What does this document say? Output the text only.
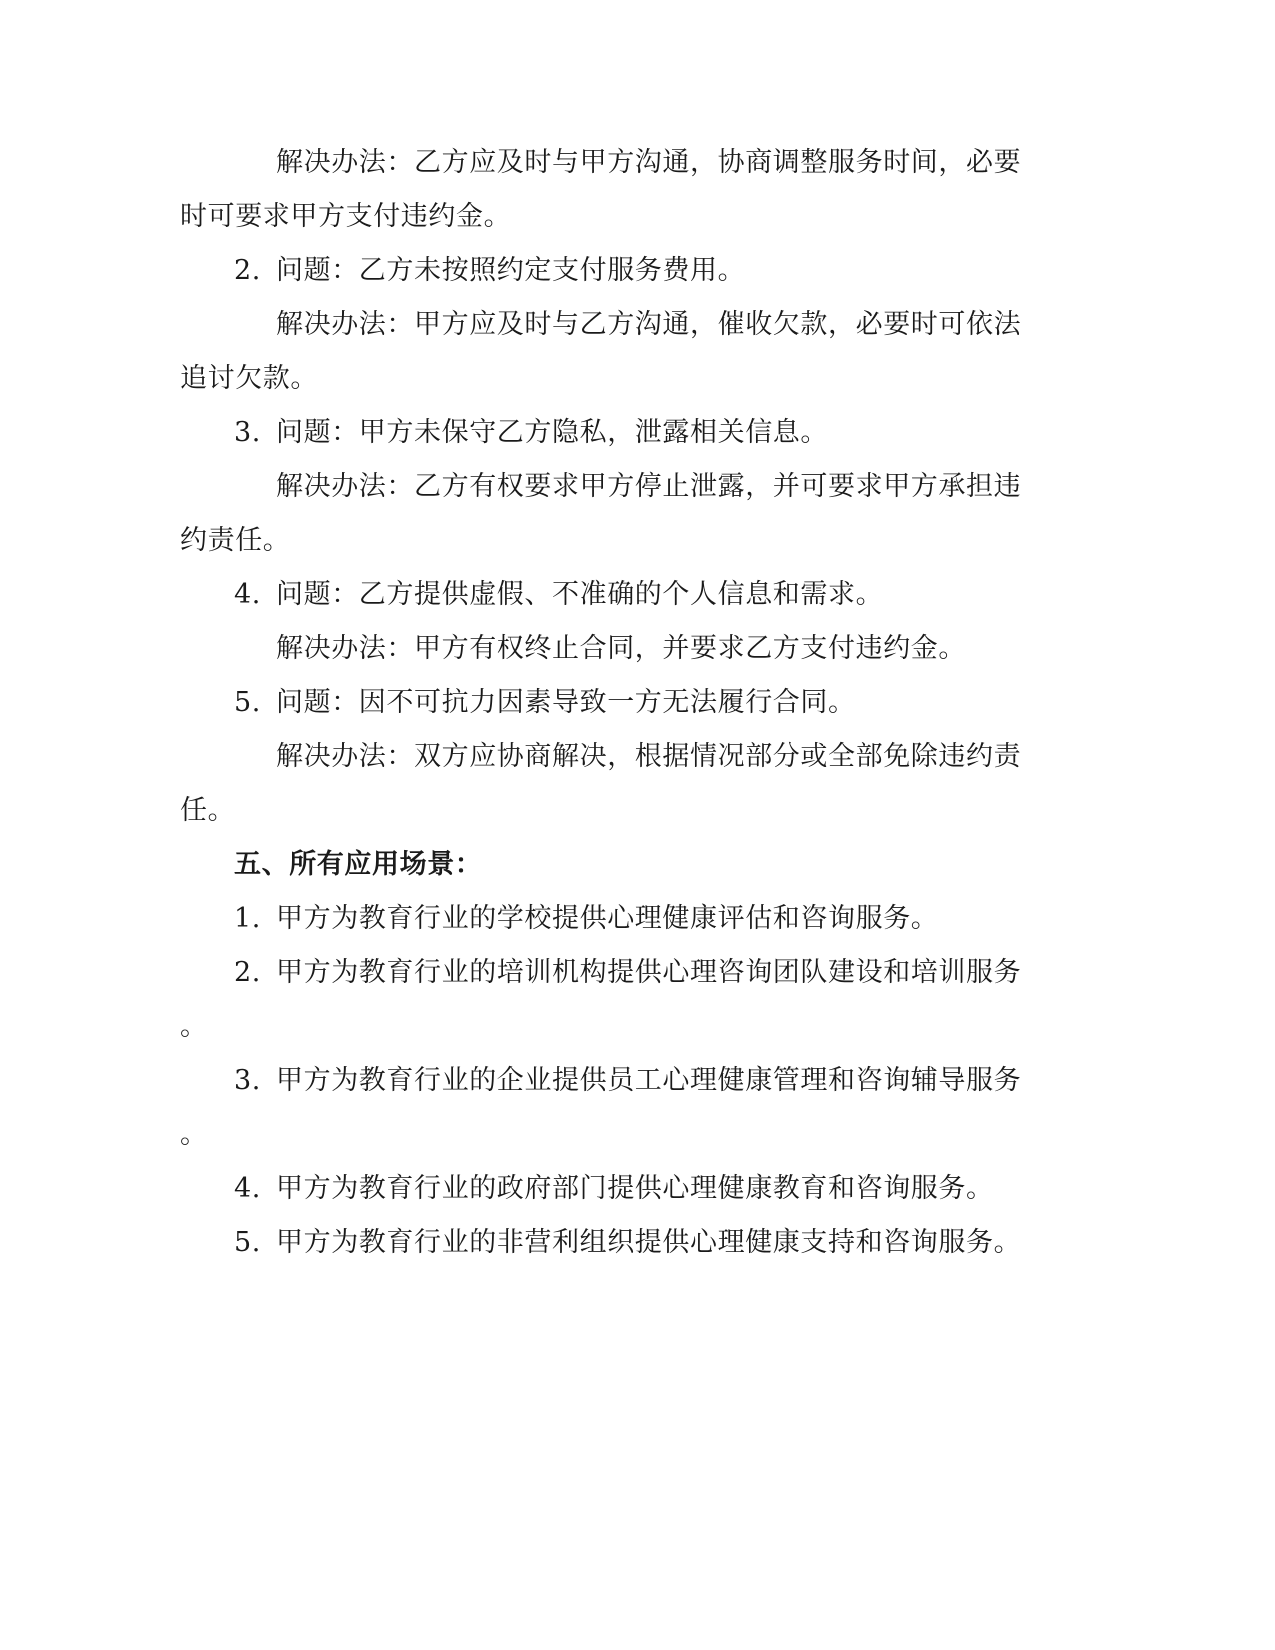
解决办法：乙方应及时与甲方沟通，协商调整服务时间，必要
时可要求甲方支付违约金。
2. 问题：乙方未按照约定支付服务费用。
解决办法：甲方应及时与乙方沟通，催收欠款，必要时可依法
追讨欠款。
3. 问题：甲方未保守乙方隐私，泄露相关信息。
解决办法：乙方有权要求甲方停止泄露，并可要求甲方承担违
约责任。
4. 问题：乙方提供虚假、不准确的个人信息和需求。
解决办法：甲方有权终止合同，并要求乙方支付违约金。
5. 问题：因不可抗力因素导致一方无法履行合同。
解决办法：双方应协商解决，根据情况部分或全部免除违约责
任。
五、所有应用场景：
1. 甲方为教育行业的学校提供心理健康评估和咨询服务。
2. 甲方为教育行业的培训机构提供心理咨询团队建设和培训服务
。
3. 甲方为教育行业的企业提供员工心理健康管理和咨询辅导服务
。
4. 甲方为教育行业的政府部门提供心理健康教育和咨询服务。
5. 甲方为教育行业的非营利组织提供心理健康支持和咨询服务。
